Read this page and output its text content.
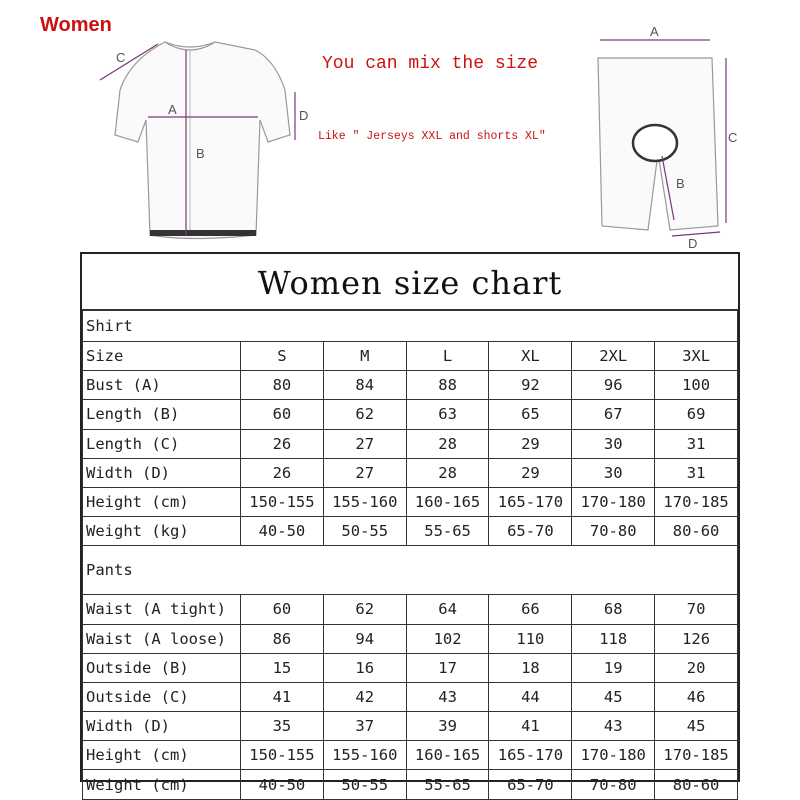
Women
You can mix the size
Like " Jerseys XXL and shorts XL"
A
B
C
D
A
B
C
D
Women size chart
Shirt						
Size	S	M	L	XL	2XL	3XL
Bust (A)	80	84	88	92	96	100
Length (B)	60	62	63	65	67	69
Length (C)	26	27	28	29	30	31
Width (D)	26	27	28	29	30	31
Height (cm)	150-155	155-160	160-165	165-170	170-180	170-185
Weight (kg)	40-50	50-55	55-65	65-70	70-80	80-60
Pants						
Waist (A tight)	60	62	64	66	68	70
Waist (A loose)	86	94	102	110	118	126
Outside (B)	15	16	17	18	19	20
Outside (C)	41	42	43	44	45	46
Width (D)	35	37	39	41	43	45
Height (cm)	150-155	155-160	160-165	165-170	170-180	170-185
Weight (cm)	40-50	50-55	55-65	65-70	70-80	80-60
